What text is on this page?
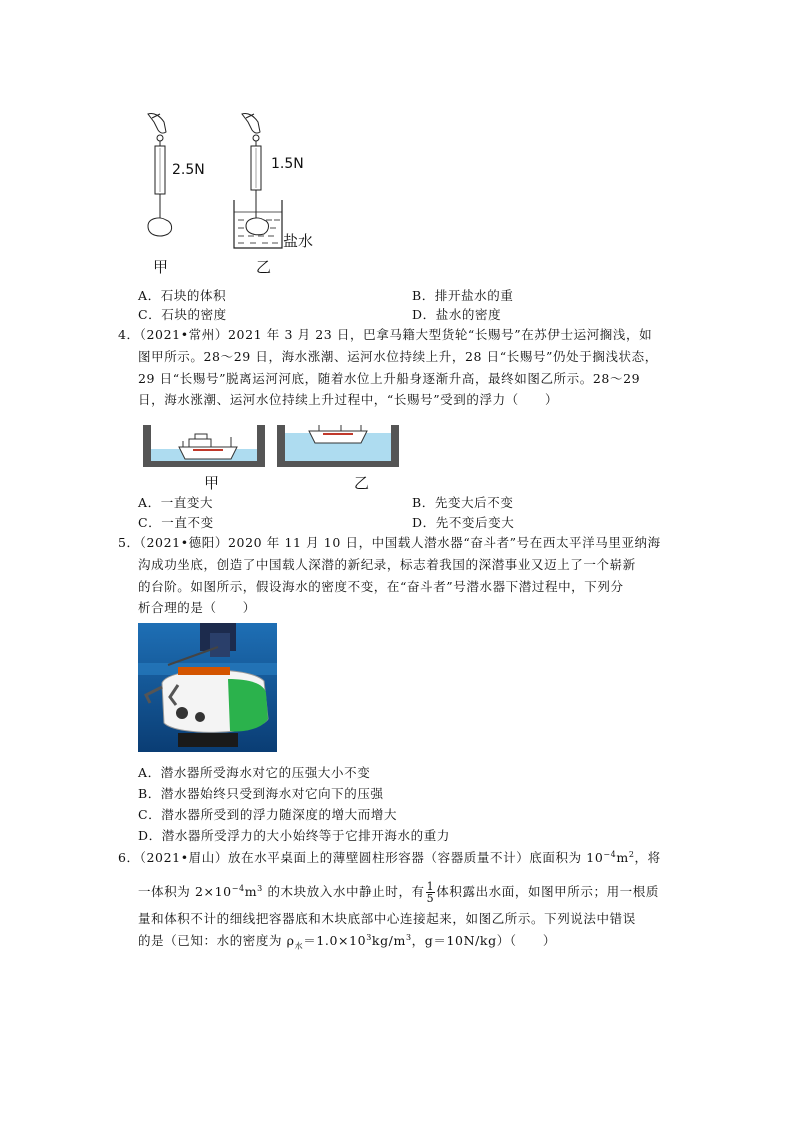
2.5N	1.5N
盐水
甲	乙
A．石块的体积	B．排开盐水的重
C．石块的密度	D．盐水的密度
4．（2021•常州）2021 年 3 月 23 日，巴拿马籍大型货轮“长赐号”在苏伊士运河搁浅，如
图甲所示。28～29 日，海水涨潮、运河水位持续上升，28 日“长赐号”仍处于搁浅状态，
29 日“长赐号”脱离运河河底，随着水位上升船身逐渐升高，最终如图乙所示。28～29
日，海水涨潮、运河水位持续上升过程中，“长赐号”受到的浮力（　　）
甲	乙
A．一直变大	B．先变大后不变
C．一直不变	D．先不变后变大
5．（2021•德阳）2020 年 11 月 10 日，中国载人潜水器“奋斗者”号在西太平洋马里亚纳海
沟成功坐底，创造了中国载人深潜的新纪录，标志着我国的深潜事业又迈上了一个崭新
的台阶。如图所示，假设海水的密度不变，在“奋斗者”号潜水器下潜过程中，下列分
析合理的是（　　）
A．潜水器所受海水对它的压强大小不变
B．潜水器始终只受到海水对它向下的压强
C．潜水器所受到的浮力随深度的增大而增大
D．潜水器所受浮力的大小始终等于它排开海水的重力
6．（2021•眉山）放在水平桌面上的薄壁圆柱形容器（容器质量不计）底面积为 $10^{-4}m^2$，将
一体积为 $2\times 10^{-4}m^3$ 的木块放入水中静止时，有 $\frac{1}{5}$ 体积露出水面，如图甲所示；用一根质
量和体积不计的细线把容器底和木块底部中心连接起来，如图乙所示。下列说法中错误
的是（已知：水的密度为 $\rho_水=1.0\times 10^3kg/m^3$，g＝10N/kg）（　　）
